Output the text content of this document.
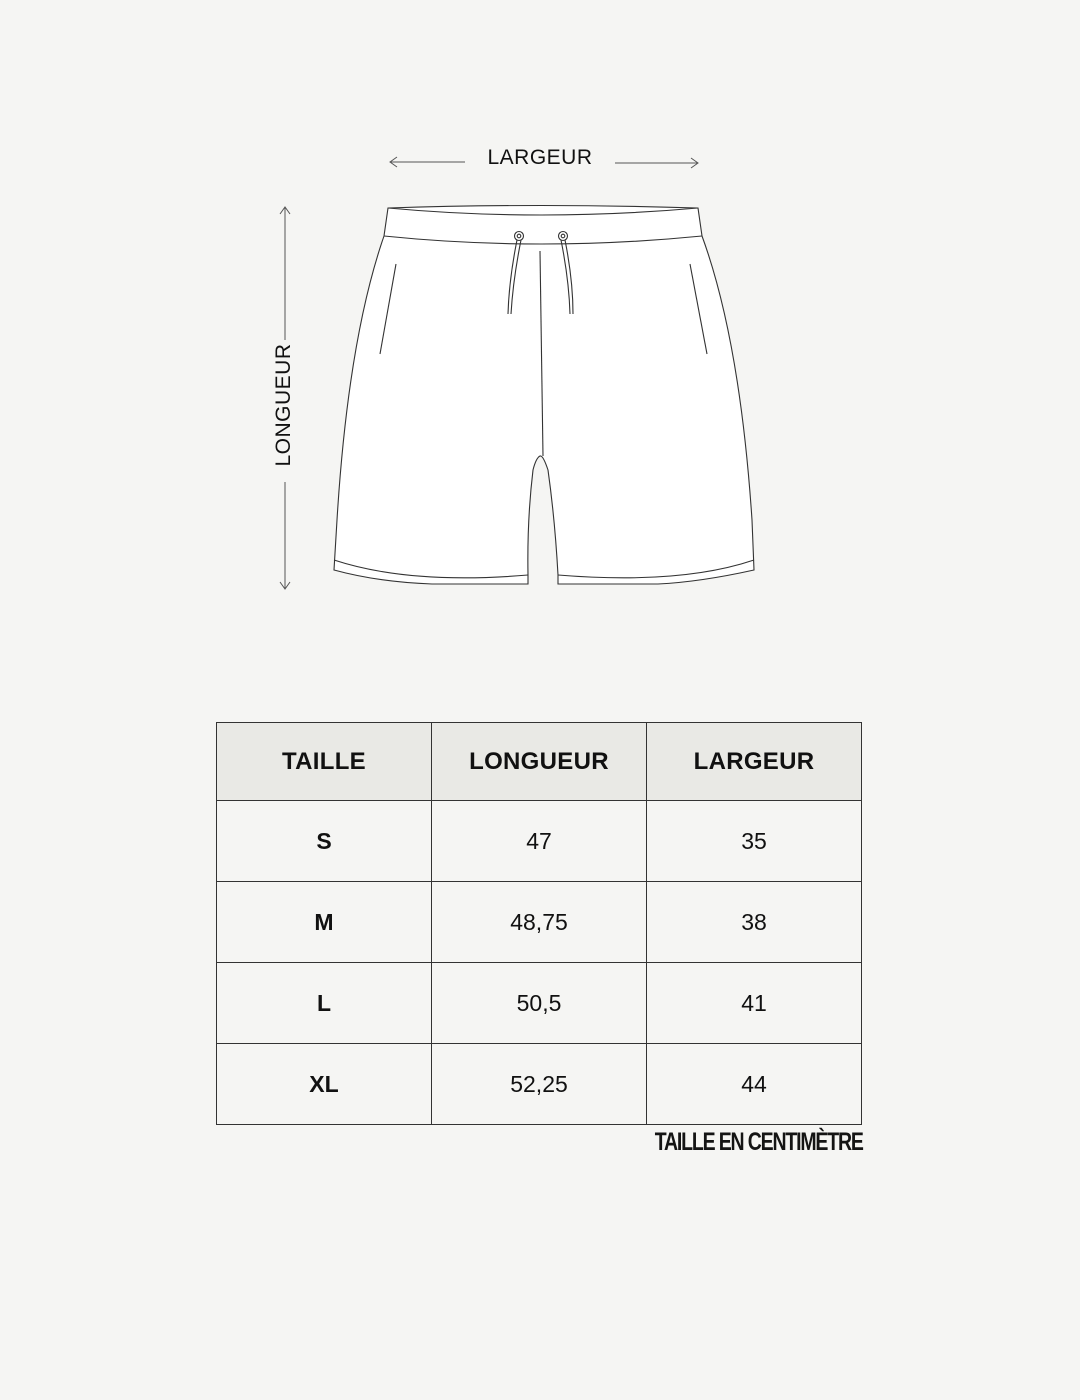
LARGEUR
LONGUEUR
TAILLE	LONGUEUR	LARGEUR
S	47	35
M	48,75	38
L	50,5	41
XL	52,25	44
TAILLE EN CENTIMÈTRE
